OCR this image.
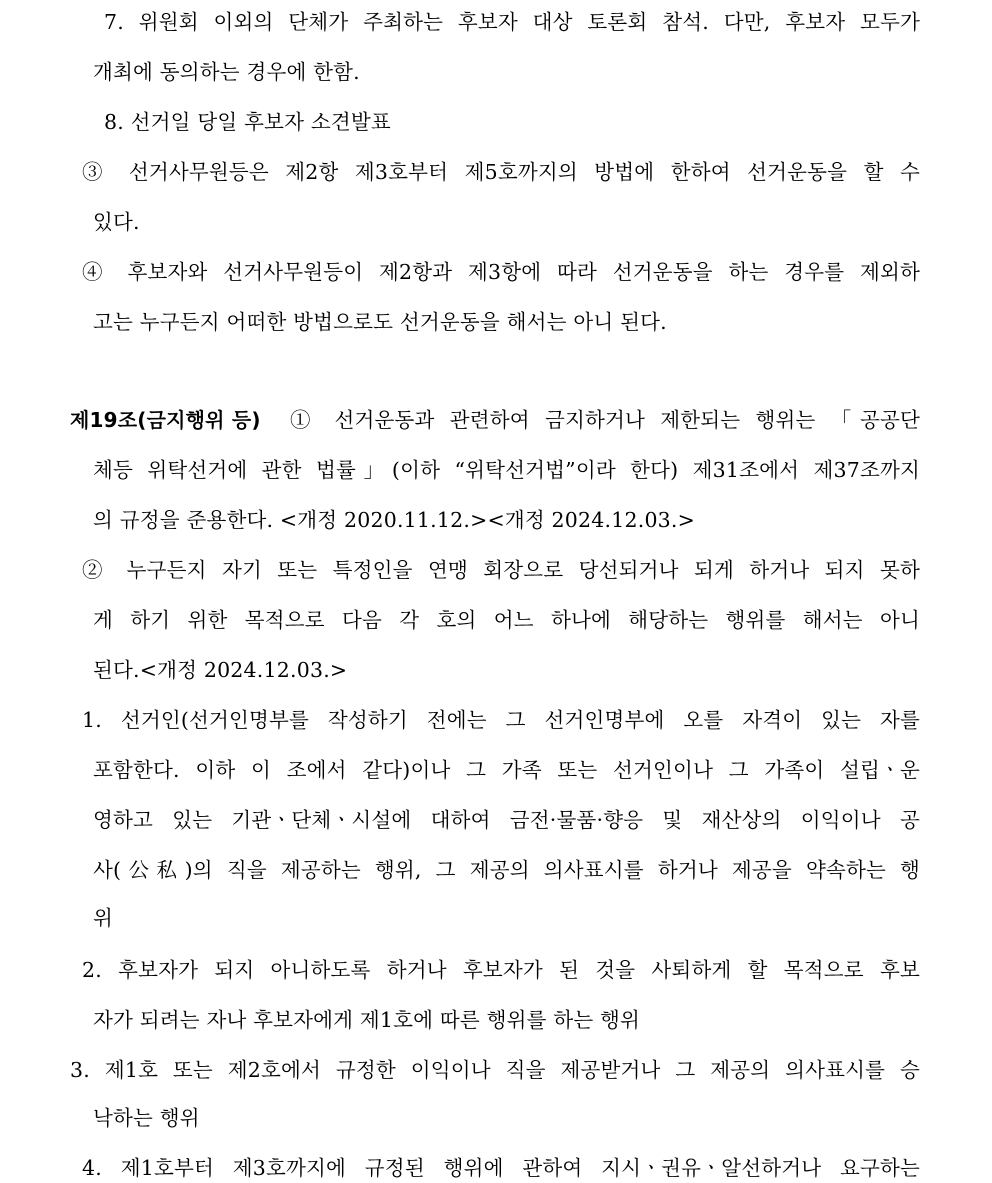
7. 위원회 이외의 단체가 주최하는 후보자 대상 토론회 참석. 다만, 후보자 모두가
개최에 동의하는 경우에 한함.
8. 선거일 당일 후보자 소견발표
③ 선거사무원등은 제2항 제3호부터 제5호까지의 방법에 한하여 선거운동을 할 수
있다.
④ 후보자와 선거사무원등이 제2항과 제3항에 따라 선거운동을 하는 경우를 제외하
고는 누구든지 어떠한 방법으로도 선거운동을 해서는 아니 된다.
제19조(금지행위 등) ① 선거운동과 관련하여 금지하거나 제한되는 행위는 「공공단
체등 위탁선거에 관한 법률」(이하 “위탁선거법”이라 한다) 제31조에서 제37조까지
의 규정을 준용한다. <개정 2020.11.12.><개정 2024.12.03.>
② 누구든지 자기 또는 특정인을 연맹 회장으로 당선되거나 되게 하거나 되지 못하
게 하기 위한 목적으로 다음 각 호의 어느 하나에 해당하는 행위를 해서는 아니
된다.<개정 2024.12.03.>
1. 선거인(선거인명부를 작성하기 전에는 그 선거인명부에 오를 자격이 있는 자를
포함한다. 이하 이 조에서 같다)이나 그 가족 또는 선거인이나 그 가족이 설립ㆍ운
영하고 있는 기관ㆍ단체ㆍ시설에 대하여 금전·물품·향응 및 재산상의 이익이나 공
사(公私)의 직을 제공하는 행위, 그 제공의 의사표시를 하거나 제공을 약속하는 행
위
2. 후보자가 되지 아니하도록 하거나 후보자가 된 것을 사퇴하게 할 목적으로 후보
자가 되려는 자나 후보자에게 제1호에 따른 행위를 하는 행위
3. 제1호 또는 제2호에서 규정한 이익이나 직을 제공받거나 그 제공의 의사표시를 승
낙하는 행위
4. 제1호부터 제3호까지에 규정된 행위에 관하여 지시ㆍ권유ㆍ알선하거나 요구하는
